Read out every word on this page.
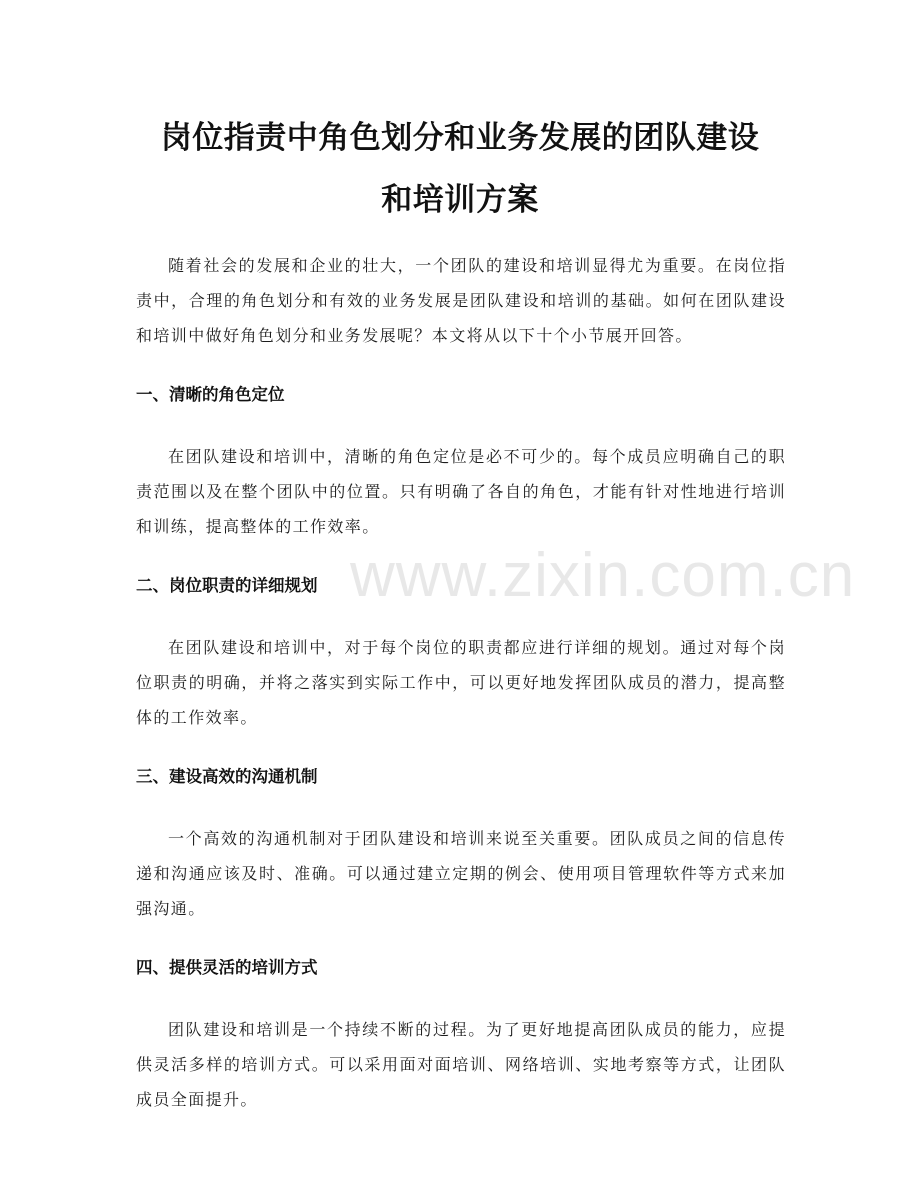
岗位指责中角色划分和业务发展的团队建设
和培训方案

随着社会的发展和企业的壮大，一个团队的建设和培训显得尤为重要。在岗位指责中，合理的角色划分和有效的业务发展是团队建设和培训的基础。如何在团队建设和培训中做好角色划分和业务发展呢？本文将从以下十个小节展开回答。

一、清晰的角色定位

在团队建设和培训中，清晰的角色定位是必不可少的。每个成员应明确自己的职责范围以及在整个团队中的位置。只有明确了各自的角色，才能有针对性地进行培训和训练，提高整体的工作效率。

二、岗位职责的详细规划

在团队建设和培训中，对于每个岗位的职责都应进行详细的规划。通过对每个岗位职责的明确，并将之落实到实际工作中，可以更好地发挥团队成员的潜力，提高整体的工作效率。

三、建设高效的沟通机制

一个高效的沟通机制对于团队建设和培训来说至关重要。团队成员之间的信息传递和沟通应该及时、准确。可以通过建立定期的例会、使用项目管理软件等方式来加强沟通。

四、提供灵活的培训方式

团队建设和培训是一个持续不断的过程。为了更好地提高团队成员的能力，应提供灵活多样的培训方式。可以采用面对面培训、网络培训、实地考察等方式，让团队成员全面提升。

www.zixin.com.cn
